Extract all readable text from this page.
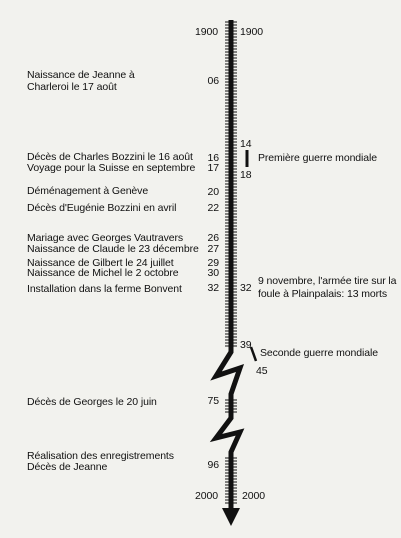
1900 1900
2000 2000
06
16
17
20
22
26
27
29
30
32
75
96
14
18
32
39
45
Naissance de Jeanne à
Charleroi le 17 août
Décès de Charles Bozzini le 16 août
Voyage pour la Suisse en septembre
Déménagement à Genève
Décès d'Eugénie Bozzini en avril
Mariage avec Georges Vautravers
Naissance de Claude le 23 décembre
Naissance de Gilbert le 24 juillet
Naissance de Michel le 2 octobre
Installation dans la ferme Bonvent
Décès de Georges le 20 juin
Réalisation des enregistrements
Décès de Jeanne
Première guerre mondiale
9 novembre, l'armée tire sur la
foule à Plainpalais: 13 morts
Seconde guerre mondiale
